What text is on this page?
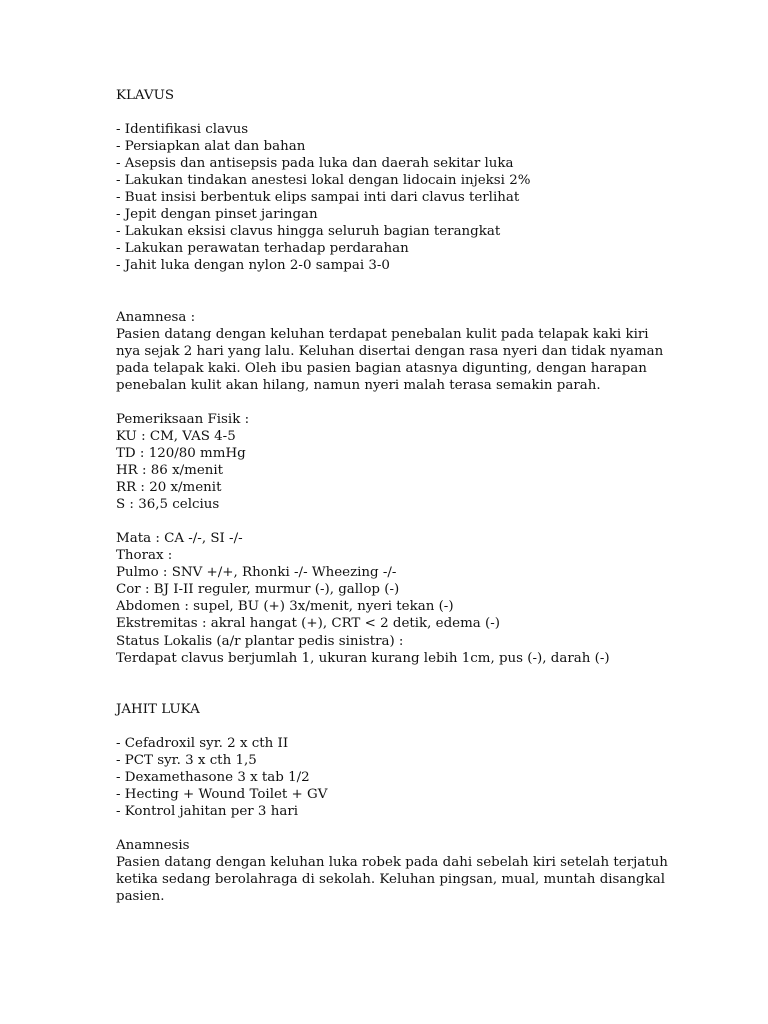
KLAVUS
- Identifikasi clavus
- Persiapkan alat dan bahan
- Asepsis dan antisepsis pada luka dan daerah sekitar luka
- Lakukan tindakan anestesi lokal dengan lidocain injeksi 2%
- Buat insisi berbentuk elips sampai inti dari clavus terlihat
- Jepit dengan pinset jaringan
- Lakukan eksisi clavus hingga seluruh bagian terangkat
- Lakukan perawatan terhadap perdarahan
- Jahit luka dengan nylon 2-0 sampai 3-0
Anamnesa :
Pasien datang dengan keluhan terdapat penebalan kulit pada telapak kaki kiri
nya sejak 2 hari yang lalu. Keluhan disertai dengan rasa nyeri dan tidak nyaman
pada telapak kaki. Oleh ibu pasien bagian atasnya digunting, dengan harapan
penebalan kulit akan hilang, namun nyeri malah terasa semakin parah.
Pemeriksaan Fisik :
KU : CM, VAS 4-5
TD : 120/80 mmHg
HR : 86 x/menit
RR : 20 x/menit
S : 36,5 celcius
Mata : CA -/-, SI -/-
Thorax :
Pulmo : SNV +/+, Rhonki -/- Wheezing -/-
Cor : BJ I-II reguler, murmur (-), gallop (-)
Abdomen : supel, BU (+) 3x/menit, nyeri tekan (-)
Ekstremitas : akral hangat (+), CRT < 2 detik, edema (-)
Status Lokalis (a/r plantar pedis sinistra) :
Terdapat clavus berjumlah 1, ukuran kurang lebih 1cm, pus (-), darah (-)
JAHIT LUKA
- Cefadroxil syr. 2 x cth II
- PCT syr. 3 x cth 1,5
- Dexamethasone 3 x tab 1/2
- Hecting + Wound Toilet + GV
- Kontrol jahitan per 3 hari
Anamnesis
Pasien datang dengan keluhan luka robek pada dahi sebelah kiri setelah terjatuh
ketika sedang berolahraga di sekolah. Keluhan pingsan, mual, muntah disangkal
pasien.
